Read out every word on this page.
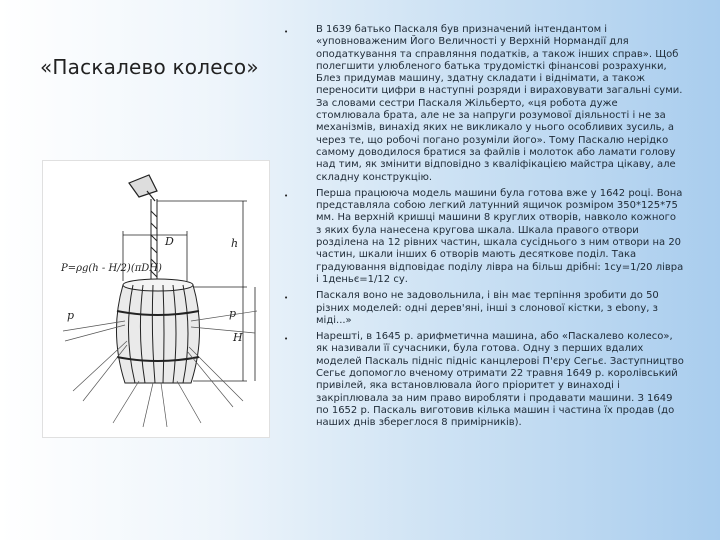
«Паскалево колесо»
D	h
H
P=ρg(h - H/2)(πDH)
p	p
•	В 1639 батько Паскаля був призначений інтендантом і «уповноваженим Його Величності у Верхній Нормандії для оподаткування та справляння податків, а також інших справ». Щоб полегшити улюбленого батька трудомісткі фінансові розрахунки, Блез придумав машину, здатну складати і віднімати, а також переносити цифри в наступні розряди і вираховувати загальні суми. За словами сестри Паскаля Жільберто, «ця робота дуже стомлювала брата, але не за напруги розумової діяльності і не за механізмів, винахід яких не викликало у нього особливих зусиль, а через те, що робочі погано розуміли його». Тому Паскалю нерідко самому доводилося братися за файлів і молоток або ламати голову над тим, як змінити відповідно з кваліфікацією майстра цікаву, але складну конструкцію.
•	Перша працююча модель машини була готова вже у 1642 році. Вона представляла собою легкий латунний ящичок розміром 350*125*75 мм. На верхній кришці машини 8 круглих отворів, навколо кожного з яких була нанесена кругова шкала. Шкала правого отвори розділена на 12 рівних частин, шкала сусіднього з ним отвори на 20 частин, шкали інших 6 отворів мають десяткове поділ. Така градуювання відповідає поділу лівра на більш дрібні: 1су=1/20 лівра і 1деньє=1/12 су.
•	Паскаля воно не задовольнила, і він має терпіння зробити до 50 різних моделей: одні дерев'яні, інші з слонової кістки, з ebony, з міді...»
•	Нарешті, в 1645 р. арифметична машина, або «Паскалево колесо», як називали її сучасники, була готова. Одну з перших вдалих моделей Паскаль підніс підніс канцлерові П'єру Сегьє. Заступництво Сегьє допомогло вченому отримати 22 травня 1649 р. королівський привілей, яка встановлювала його пріоритет у винаході і закріплювала за ним право виробляти і продавати машини. З 1649 по 1652 р. Паскаль виготовив кілька машин і частина їх продав (до наших днів збереглося 8 примірників).
